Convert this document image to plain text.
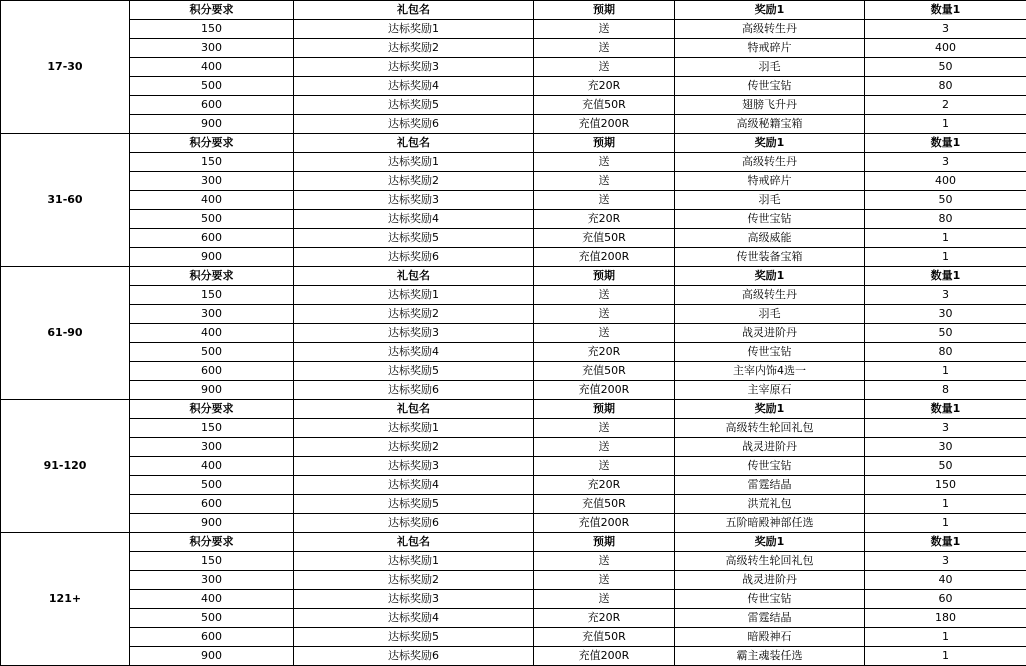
17-30	积分要求	礼包名	预期	奖励1	数量1
	150	达标奖励1	送	高级转生丹	3
	300	达标奖励2	送	特戒碎片	400
	400	达标奖励3	送	羽毛	50
	500	达标奖励4	充20R	传世宝钻	80
	600	达标奖励5	充值50R	翅膀飞升丹	2
	900	达标奖励6	充值200R	高级秘籍宝箱	1
31-60	积分要求	礼包名	预期	奖励1	数量1
	150	达标奖励1	送	高级转生丹	3
	300	达标奖励2	送	特戒碎片	400
	400	达标奖励3	送	羽毛	50
	500	达标奖励4	充20R	传世宝钻	80
	600	达标奖励5	充值50R	高级威能	1
	900	达标奖励6	充值200R	传世装备宝箱	1
61-90	积分要求	礼包名	预期	奖励1	数量1
	150	达标奖励1	送	高级转生丹	3
	300	达标奖励2	送	羽毛	30
	400	达标奖励3	送	战灵进阶丹	50
	500	达标奖励4	充20R	传世宝钻	80
	600	达标奖励5	充值50R	主宰内饰4选一	1
	900	达标奖励6	充值200R	主宰原石	8
91-120	积分要求	礼包名	预期	奖励1	数量1
	150	达标奖励1	送	高级转生轮回礼包	3
	300	达标奖励2	送	战灵进阶丹	30
	400	达标奖励3	送	传世宝钻	50
	500	达标奖励4	充20R	雷霆结晶	150
	600	达标奖励5	充值50R	洪荒礼包	1
	900	达标奖励6	充值200R	五阶暗殿神部任选	1
121+	积分要求	礼包名	预期	奖励1	数量1
	150	达标奖励1	送	高级转生轮回礼包	3
	300	达标奖励2	送	战灵进阶丹	40
	400	达标奖励3	送	传世宝钻	60
	500	达标奖励4	充20R	雷霆结晶	180
	600	达标奖励5	充值50R	暗殿神石	1
	900	达标奖励6	充值200R	霸主魂装任选	1
